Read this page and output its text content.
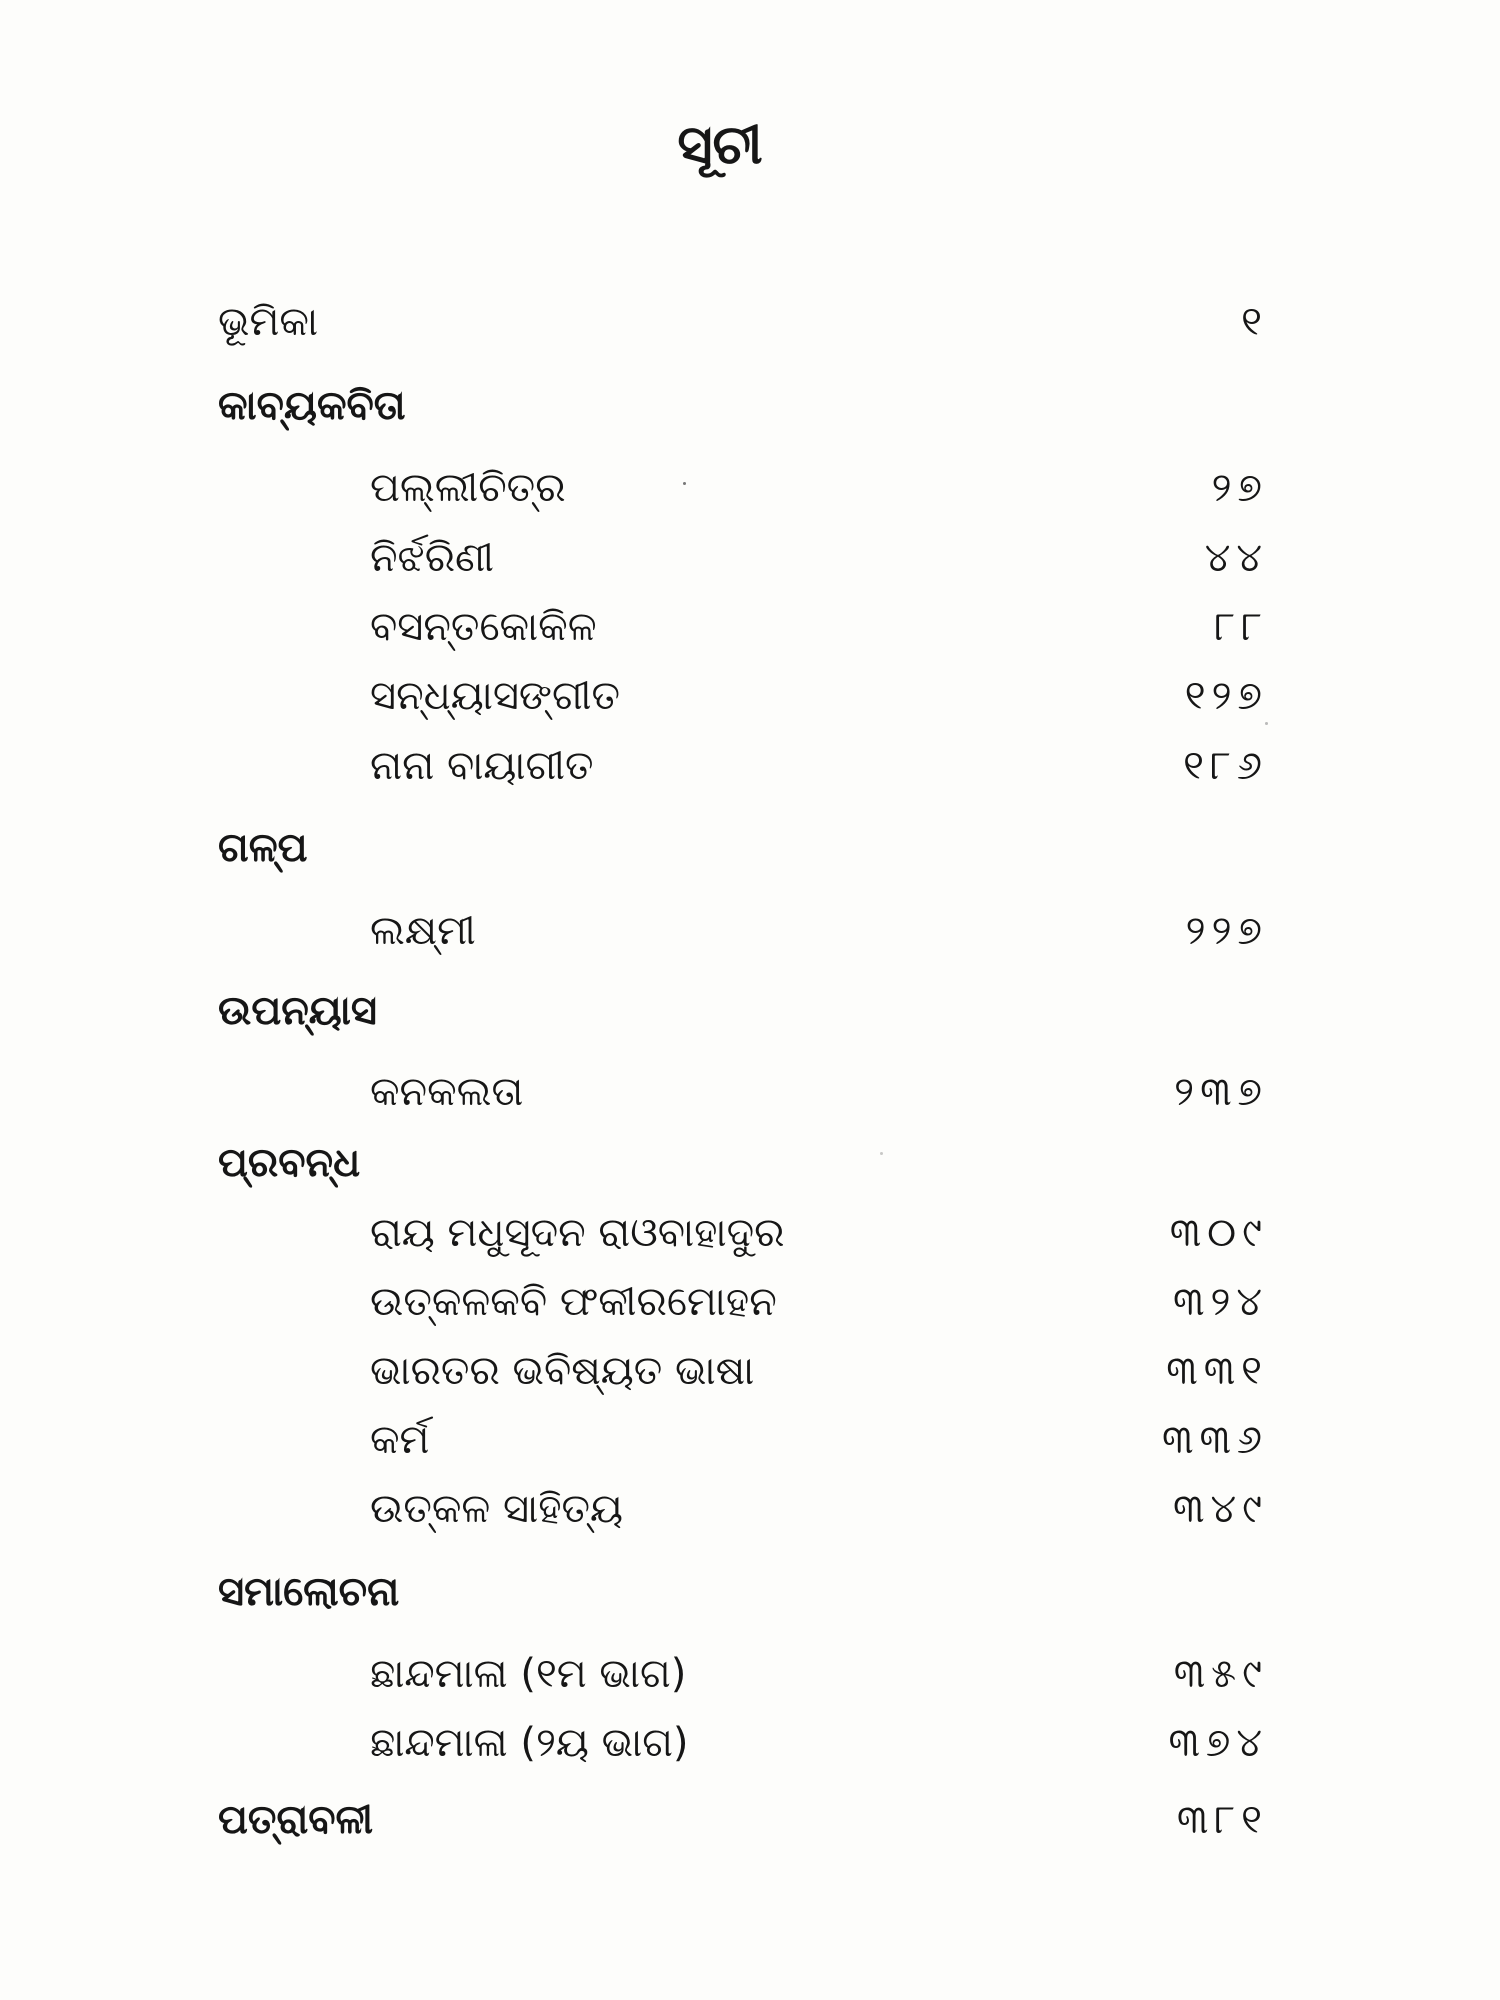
ସୂଚୀ
ଭୂମିକା	୧
କାବ୍ୟକବିତା
ପଲ୍ଲୀଚିତ୍ର	୨୭
ନିର୍ଝରିଣୀ	୪୪
ବସନ୍ତକୋକିଳ	୮୮
ସନ୍ଧ୍ୟାସଙ୍ଗୀତ	୧୨୭
ନାନା ବାୟାଗୀତ	୧୮୬
ଗଳ୍ପ
ଲକ୍ଷ୍ମୀ	୨୨୭
ଉପନ୍ୟାସ
କନକଲତା	୨୩୭
ପ୍ରବନ୍ଧ
ରାୟ ମଧୁସୂଦନ ରାଓବାହାଦୁର	୩୦୯
ଉତ୍କଳକବି ଫକୀରମୋହନ	୩୨୪
ଭାରତର ଭବିଷ୍ୟତ ଭାଷା	୩୩୧
କର୍ମ	୩୩୬
ଉତ୍କଳ ସାହିତ୍ୟ	୩୪୯
ସମାଲୋଚନା
ଛାନ୍ଦମାଳା (୧ମ ଭାଗ)	୩୫୯
ଛାନ୍ଦମାଳା (୨ୟ ଭାଗ)	୩୭୪
ପତ୍ରାବଳୀ	୩୮୧
